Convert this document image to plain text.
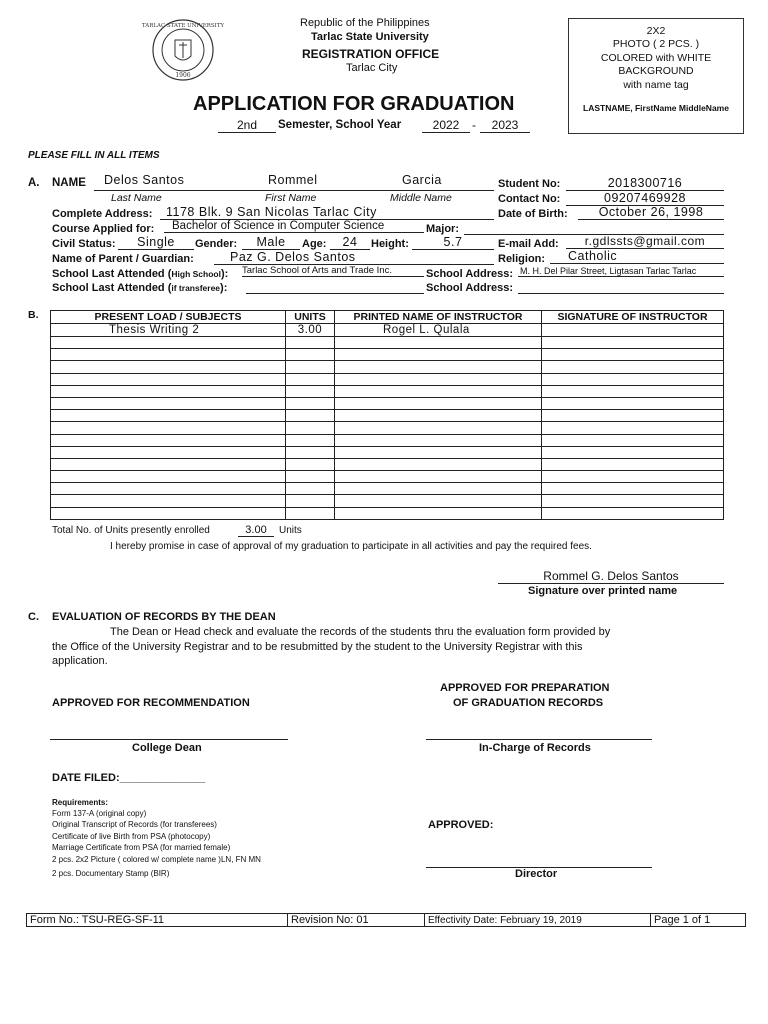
TARLAC STATE UNIVERSITY
1906
Republic of the Philippines
Tarlac State University
REGISTRATION OFFICE
Tarlac City
2X2
PHOTO ( 2 PCS. )
COLORED with WHITE
BACKGROUND
with name tag
LASTNAME, FirstName MiddleName
APPLICATION FOR GRADUATION
2nd	Semester, School Year	2022	-	2023
PLEASE FILL IN ALL ITEMS
A. NAME Delos Santos	Rommel	Garcia
Last Name	First Name	Middle Name
Student No:	2018300716
Contact No:	09207469928
Complete Address:	1178 Blk. 9 San Nicolas Tarlac City	Date of Birth:	October 26, 1998
Course Applied for:	Bachelor of Science in Computer Science	Major:
Civil Status:	Single	Gender:	Male	Age:	24	Height:	5.7	E-mail Add:	r.gdlssts@gmail.com
Name of Parent / Guardian:	Paz G. Delos Santos	Religion:	Catholic
School Last Attended (High School): Tarlac School of Arts and Trade Inc.	School Address: M. H. Del Pilar Street, Ligtasan Tarlac Tarlac
School Last Attended (if transferee):	School Address:
B.	PRESENT LOAD / SUBJECTS	UNITS	PRINTED NAME OF INSTRUCTOR	SIGNATURE OF INSTRUCTOR
Thesis Writing 2	3.00	Rogel L. Qulala	

Total No. of Units presently enrolled	3.00	Units
I hereby promise in case of approval of my graduation to participate in all activities and pay the required fees.
Rommel G. Delos Santos
Signature over printed name
C. EVALUATION OF RECORDS BY THE DEAN
The Dean or Head check and evaluate the records of the students thru the evaluation form provided by
the Office of the University Registrar and to be resubmitted by the student to the University Registrar with this
application.
APPROVED FOR PREPARATION
OF GRADUATION RECORDS
APPROVED FOR RECOMMENDATION
College Dean	In-Charge of Records
DATE FILED:______________
Requirements:
Form 137-A (original copy)
Original Transcript of Records (for transferees)
Certificate of live Birth from PSA (photocopy)
Marriage Certificate from PSA (for married female)
2 pcs. 2x2 Picture ( colored w/ complete name )LN, FN MN
2 pcs. Documentary Stamp (BIR)
APPROVED:
Director
Form No.: TSU-REG-SF-11	Revision No: 01	Effectivity Date: February 19, 2019	Page 1 of 1
